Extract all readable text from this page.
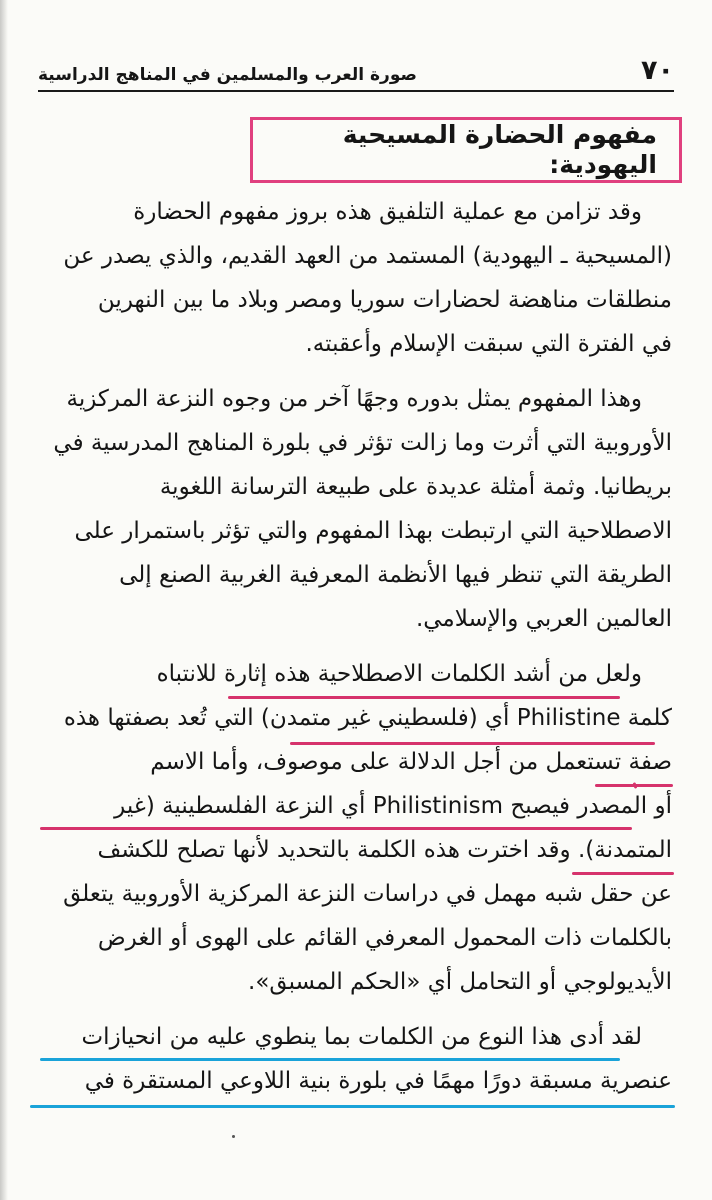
٧٠
صورة العرب والمسلمين في المناهج الدراسية
مفهوم الحضارة المسيحية اليهودية:

وقد تزامن مع عملية التلفيق هذه بروز مفهوم الحضارة
(المسيحية ـ اليهودية) المستمد من العهد القديم، والذي يصدر عن
منطلقات مناهضة لحضارات سوريا ومصر وبلاد ما بين النهرين
في الفترة التي سبقت الإسلام وأعقبته.

وهذا المفهوم يمثل بدوره وجهًا آخر من وجوه النزعة المركزية
الأوروبية التي أثرت وما زالت تؤثر في بلورة المناهج المدرسية في
بريطانيا. وثمة أمثلة عديدة على طبيعة الترسانة اللغوية
الاصطلاحية التي ارتبطت بهذا المفهوم والتي تؤثر باستمرار على
الطريقة التي تنظر فيها الأنظمة المعرفية الغربية الصنع إلى
العالمين العربي والإسلامي.

ولعل من أشد الكلمات الاصطلاحية هذه إثارة للانتباه
كلمة Philistine أي (فلسطيني غير متمدن) التي تُعد بصفتها هذه
صفة تستعمل من أجل الدلالة على موصوف، وأما الاسم
أو المصدر فيصبح Philistinism أي النزعة الفلسطينية (غير
المتمدنة). وقد اخترت هذه الكلمة بالتحديد لأنها تصلح للكشف
عن حقل شبه مهمل في دراسات النزعة المركزية الأوروبية يتعلق
بالكلمات ذات المحمول المعرفي القائم على الهوى أو الغرض
الأيديولوجي أو التحامل أي «الحكم المسبق».

لقد أدى هذا النوع من الكلمات بما ينطوي عليه من انحيازات
عنصرية مسبقة دورًا مهمًا في بلورة بنية اللاوعي المستقرة في
